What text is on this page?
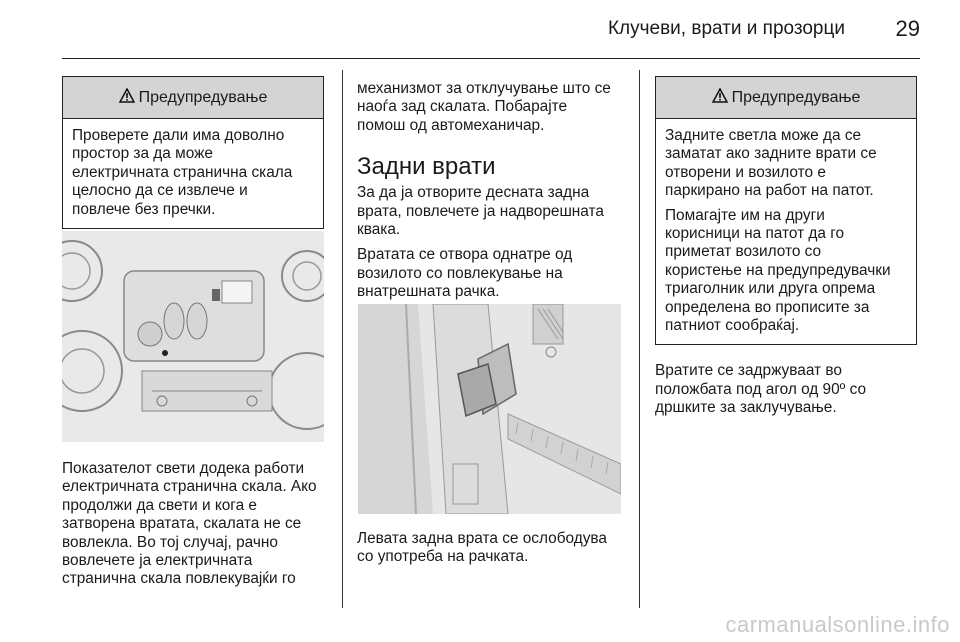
Клучеви, врати и прозорци 29
Предупредување

Проверете дали има доволно
простор за да може
електричната странична скала
целосно да се извлече и
повлече без пречки.

Показателот свети додека работи
електричната странична скала. Ако
продолжи да свети и кога е
затворена вратата, скалата не се
вовлекла. Во тој случај, рачно
вовлечете ја електричната
странична скала повлекувајќи го

механизмот за отклучување што се
наоѓа зад скалата. Побарајте
помош од автомеханичар.

Задни врати

За да ја отворите десната задна
врата, повлечете ја надворешната
квака.

Вратата се отвора однатре од
возилото со повлекување на
внатрешната рачка.

Левата задна врата се ослободува
со употреба на рачката.

Предупредување

Задните светла може да се
заматат ако задните врати се
отворени и возилото е
паркирано на работ на патот.

Помагајте им на други
корисници на патот да го
приметат возилото со
користење на предупредувачки
триаголник или друга опрема
определена во прописите за
патниот сообраќај.

Вратите се задржуваат во
положбата под агол од 90º со
дршките за заклучување.

carmanualsonline.info
